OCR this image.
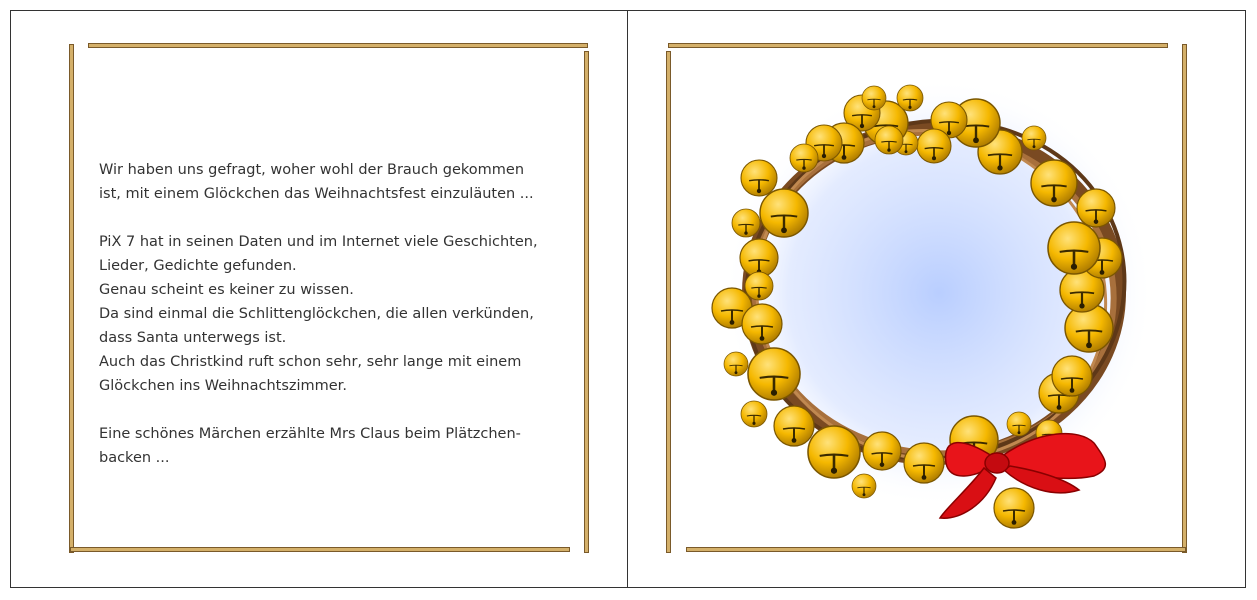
Wir haben uns gefragt, woher wohl der Brauch gekommen
ist, mit einem Glöckchen das Weihnachtsfest einzuläuten ...

PiX 7 hat in seinen Daten und im Internet viele Geschichten,
Lieder, Gedichte gefunden.
Genau scheint es keiner zu wissen.
Da sind einmal die Schlittenglöckchen, die allen verkünden,
dass Santa unterwegs ist.
Auch das Christkind ruft schon sehr, sehr lange mit einem
Glöckchen ins Weihnachtszimmer.

Eine schönes Märchen erzählte Mrs Claus beim Plätzchen-
backen ...
